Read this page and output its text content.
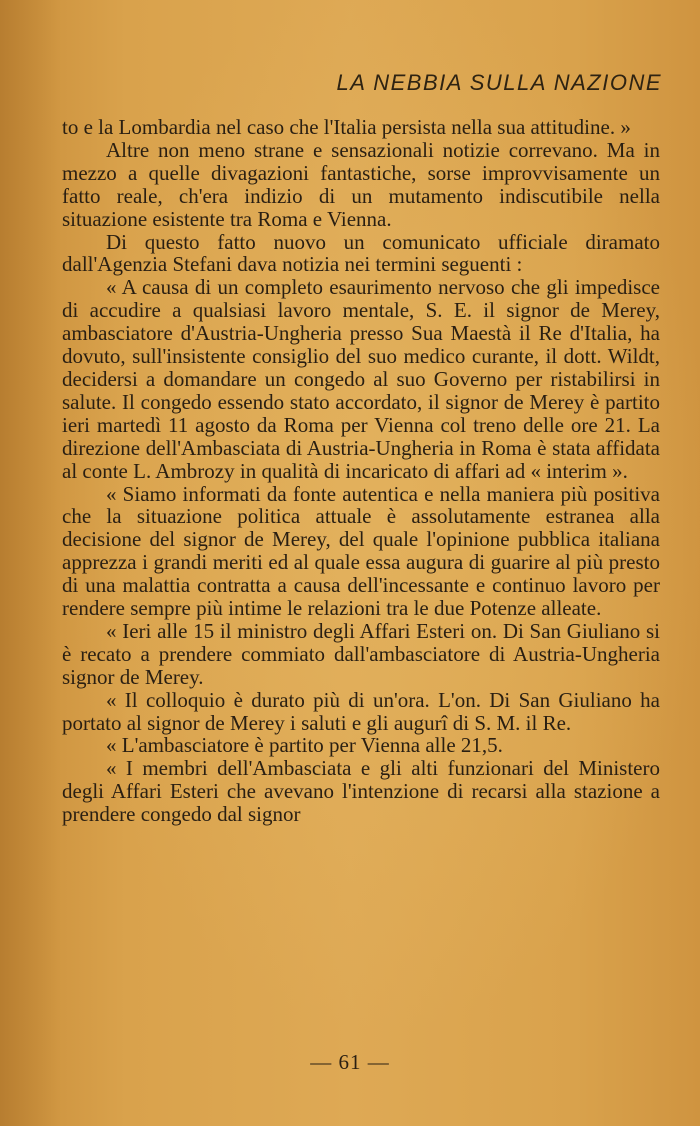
LA NEBBIA SULLA NAZIONE

to e la Lombardia nel caso che l'Italia persista nella sua attitudine. »

Altre non meno strane e sensazionali notizie correvano. Ma in mezzo a quelle divagazioni fantastiche, sorse improvvisamente un fatto reale, ch'era indizio di un mutamento indiscutibile nella situazione esistente tra Roma e Vienna.

Di questo fatto nuovo un comunicato ufficiale diramato dall'Agenzia Stefani dava notizia nei termini seguenti :

« A causa di un completo esaurimento nervoso che gli impedisce di accudire a qualsiasi lavoro mentale, S. E. il signor de Merey, ambasciatore d'Austria-Ungheria presso Sua Maestà il Re d'Italia, ha dovuto, sull'insistente consiglio del suo medico curante, il dott. Wildt, decidersi a domandare un congedo al suo Governo per ristabilirsi in salute. Il congedo essendo stato accordato, il signor de Merey è partito ieri martedì 11 agosto da Roma per Vienna col treno delle ore 21. La direzione dell'Ambasciata di Austria-Ungheria in Roma è stata affidata al conte L. Ambrozy in qualità di incaricato di affari ad « interim ».

« Siamo informati da fonte autentica e nella maniera più positiva che la situazione politica attuale è assolutamente estranea alla decisione del signor de Merey, del quale l'opinione pubblica italiana apprezza i grandi meriti ed al quale essa augura di guarire al più presto di una malattia contratta a causa dell'incessante e continuo lavoro per rendere sempre più intime le relazioni tra le due Potenze alleate.

« Ieri alle 15 il ministro degli Affari Esteri on. Di San Giuliano si è recato a prendere commiato dall'ambasciatore di Austria-Ungheria signor de Merey.

« Il colloquio è durato più di un'ora. L'on. Di San Giuliano ha portato al signor de Merey i saluti e gli augurî di S. M. il Re.

« L'ambasciatore è partito per Vienna alle 21,5.

« I membri dell'Ambasciata e gli alti funzionari del Ministero degli Affari Esteri che avevano l'intenzione di recarsi alla stazione a prendere congedo dal signor

— 61 —
